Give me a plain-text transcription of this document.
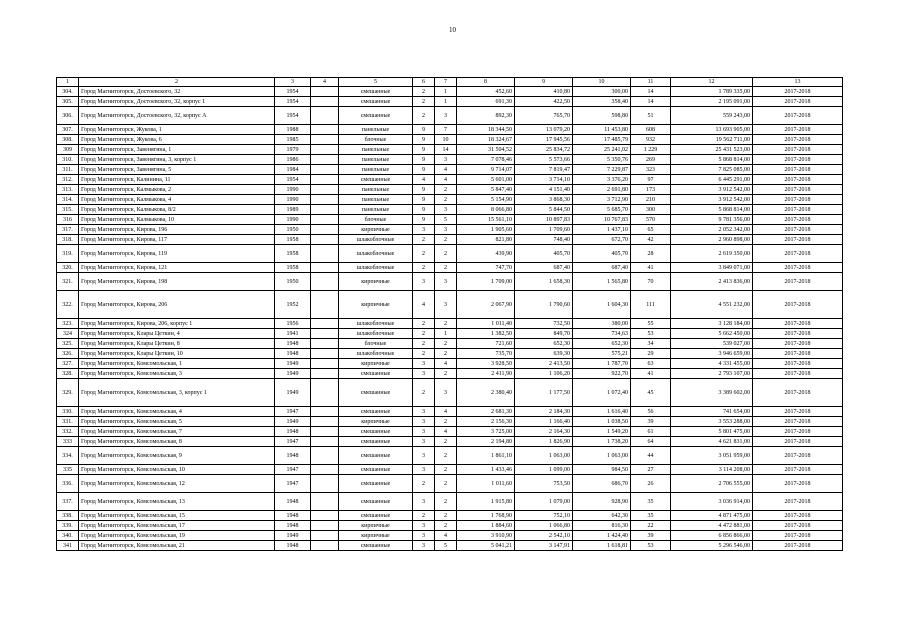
10
1	2	3	4	5	6	7	8	9	10	11	12	13
304.	Город Магнитогорск, Достоевского, 32	1954		смешанные	2	1	452,60	410,80	300,00	14	1 789 335,00	2017-2018
305.	Город Магнитогорск, Достоевского, 32, корпус 1	1954		смешанные	2	1	691,30	422,50	358,40	14	2 195 091,00	2017-2018
306.	Город Магнитогорск, Достоевского, 32, корпус А	1954		смешанные	2	3	892,30	765,70	598,80	51	559 243,00	2017-2018
307.	Город Магнитогорск, Жукова, 1	1988		панельные	9	7	18 344,50	13 079,20	11 453,80	608	13 693 905,00	2017-2018
308.	Город Магнитогорск, Жукова, 6	1985		блочные	9	10	18 324,67	17 945,56	17 485,79	932	19 562 711,00	2017-2018
309	Город Магнитогорск, Завенягина, 1	1979		панельные	9	14	31 504,52	25 834,72	25 241,02	1 229	25 431 523,00	2017-2018
310.	Город Магнитогорск, Завенягина, 3, корпус 1	1986		панельные	9	3	7 078,46	5 573,66	5 350,76	269	5 868 814,00	2017-2018
311.	Город Магнитогорск, Завенягина, 5	1984		панельные	9	4	9 714,07	7 819,47	7 229,87	323	7 825 085,00	2017-2018
312.	Город Магнитогорск, Калинина, 11	1954		смешанные	4	4	5 601,00	3 714,10	3 376,20	97	6 445 291,00	2017-2018
313.	Город Магнитогорск, Калмыкова, 2	1990		панельные	9	2	5 847,40	4 151,40	2 691,80	173	3 912 542,00	2017-2018
314.	Город Магнитогорск, Калмыкова, 4	1990		панельные	9	2	5 154,90	3 868,30	3 712,90	210	3 912 542,00	2017-2018
315.	Город Магнитогорск, Калмыкова, 8/2	1989		панельные	9	3	8 066,80	5 844,50	5 685,70	300	5 868 814,00	2017-2018
316	Город Магнитогорск, Калмыкова, 10	1990		блочные	9	5	15 561,10	10 897,83	10 767,83	570	9 781 356,00	2017-2018
317.	Город Магнитогорск, Кирова, 196	1950		кирпичные	3	3	1 905,60	1 709,60	1 437,10	65	2 052 342,00	2017-2018
318.	Город Магнитогорск, Кирова, 117	1958		шлакоблочные	2	2	821,80	748,40	672,70	42	2 960 898,00	2017-2018
319.	Город Магнитогорск, Кирова, 119	1958		шлакоблочные	2	2	439,90	405,70	405,70	28	2 619 350,00	2017-2018
320.	Город Магнитогорск, Кирова, 121	1958		шлакоблочные	2	2	747,70	687,40	687,40	41	3 849 071,00	2017-2018
321.	Город Магнитогорск, Кирова, 198	1950		кирпичные	3	3	1 709,00	1 658,30	1 565,80	70	2 413 836,00	2017-2018
322.	Город Магнитогорск, Кирова, 206	1952		кирпичные	4	3	2 067,90	1 790,60	1 604,30	111	4 551 232,00	2017-2018
323.	Город Магнитогорск, Кирова, 206, корпус 1	1956		шлакоблочные	2	2	1 011,40	732,50	380,00	55	3 128 184,00	2017-2018
324	Город Магнитогорск, Клары Цеткин, 4	1941		шлакоблочные	2	1	1 382,50	849,70	734,63	53	5 662 450,00	2017-2018
325.	Город Магнитогорск, Клары Цеткин, 8	1948		блочные	2	2	721,60	652,30	652,30	34	539 027,00	2017-2018
326.	Город Магнитогорск, Клары Цеткин, 10	1948		шлакоблочные	2	2	735,70	639,30	575,21	29	3 946 659,00	2017-2018
327.	Город Магнитогорск, Комсомольская, 1	1949		кирпичные	3	4	3 928,50	2 413,50	1 787,70	63	4 331 455,00	2017-2018
328.	Город Магнитогорск, Комсомольская, 3	1949		смешанные	3	2	2 411,90	1 106,20	922,70	41	2 793 107,00	2017-2018
329.	Город Магнитогорск, Комсомольская, 3, корпус 1	1949		смешанные	2	3	2 380,40	1 177,50	1 072,40	45	3 389 602,00	2017-2018
330.	Город Магнитогорск, Комсомольская, 4	1947		смешанные	3	4	2 681,30	2 184,30	1 616,40	56	741 654,00	2017-2018
331.	Город Магнитогорск, Комсомольская, 5	1949		кирпичные	3	2	2 156,30	1 166,40	1 038,50	39	3 553 288,00	2017-2018
332.	Город Магнитогорск, Комсомольская, 7	1948		смешанные	3	4	3 725,00	2 164,30	1 549,20	61	5 801 475,00	2017-2018
333	Город Магнитогорск, Комсомольская, 8	1947		смешанные	3	2	2 194,80	1 826,90	1 738,20	64	4 621 831,00	2017-2018
334.	Город Магнитогорск, Комсомольская, 9	1948		смешанные	3	2	1 861,10	1 063,00	1 063,00	44	3 051 959,00	2017-2018
335	Город Магнитогорск, Комсомольская, 10	1947		смешанные	3	2	1 433,46	1 099,00	984,50	27	3 114 208,00	2017-2018
336.	Город Магнитогорск, Комсомольская, 12	1947		смешанные	2	2	1 011,60	753,50	686,70	26	2 706 555,00	2017-2018
337.	Город Магнитогорск, Комсомольская, 13	1948		смешанные	3	2	1 915,80	1 079,00	928,90	35	3 036 914,00	2017-2018
338.	Город Магнитогорск, Комсомольская, 15	1948		смешанные	2	2	1 768,90	752,10	642,30	35	4 871 475,00	2017-2018
339.	Город Магнитогорск, Комсомольская, 17	1948		кирпичные	3	2	1 884,60	1 066,80	816,30	22	4 472 881,00	2017-2018
340.	Город Магнитогорск, Комсомольская, 19	1949		кирпичные	3	4	3 910,90	2 542,10	1 424,40	39	6 856 866,00	2017-2018
341	Город Магнитогорск, Комсомольская, 21	1948		смешанные	3	5	5 041,21	3 147,91	1 618,81	53	5 296 546,00	2017-2018
